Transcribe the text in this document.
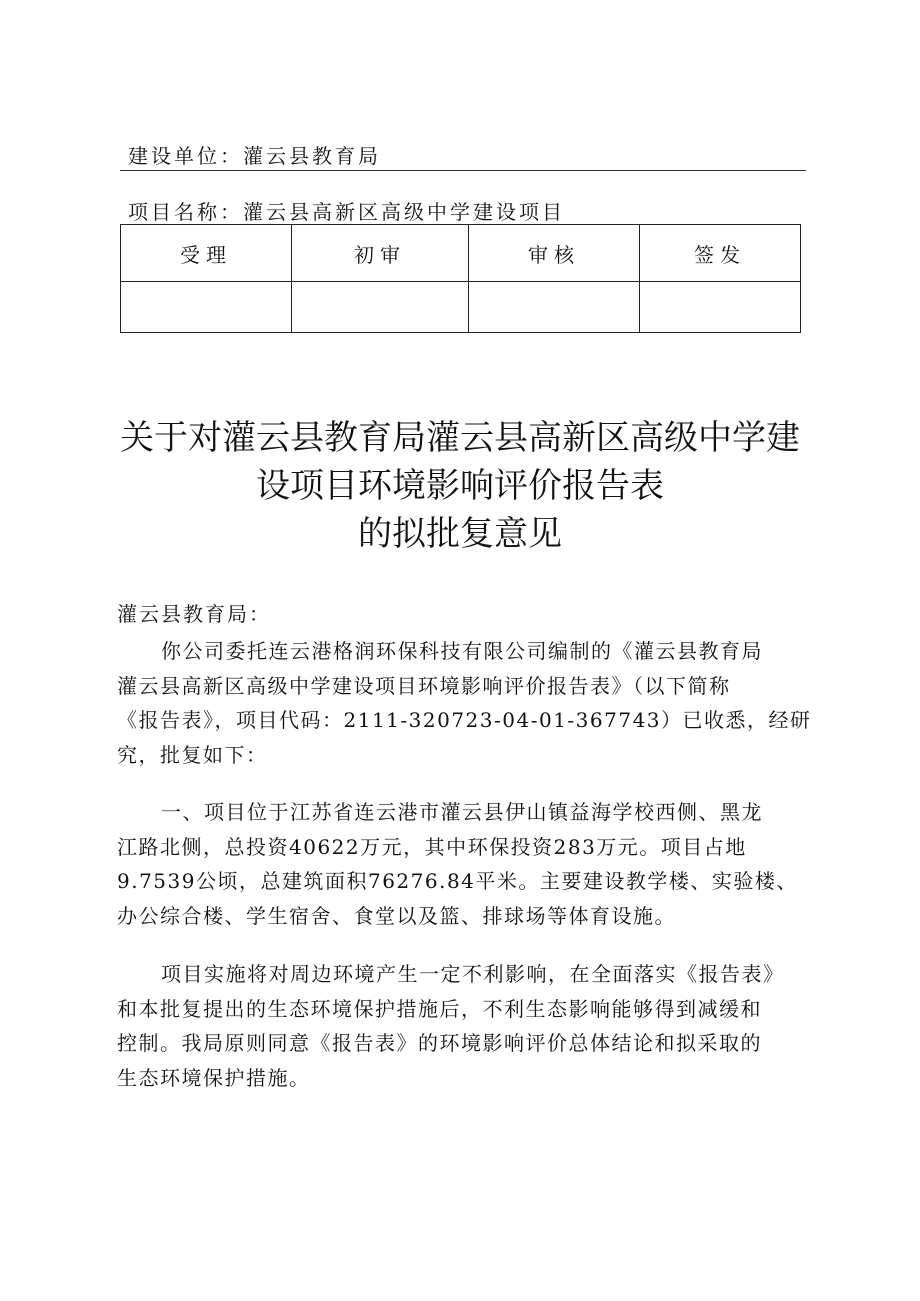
建设单位：灌云县教育局
项目名称：灌云县高新区高级中学建设项目
受理	初审	审核	签发

关于对灌云县教育局灌云县高新区高级中学建
设项目环境影响评价报告表
的拟批复意见
灌云县教育局：
你公司委托连云港格润环保科技有限公司编制的《灌云县教育局
灌云县高新区高级中学建设项目环境影响评价报告表》（以下简称
《报告表》，项目代码：2111-320723-04-01-367743）已收悉，经研
究，批复如下：
一、项目位于江苏省连云港市灌云县伊山镇益海学校西侧、黑龙
江路北侧，总投资40622万元，其中环保投资283万元。项目占地
9.7539公顷，总建筑面积76276.84平米。主要建设教学楼、实验楼、
办公综合楼、学生宿舍、食堂以及篮、排球场等体育设施。
项目实施将对周边环境产生一定不利影响，在全面落实《报告表》
和本批复提出的生态环境保护措施后，不利生态影响能够得到减缓和
控制。我局原则同意《报告表》的环境影响评价总体结论和拟采取的
生态环境保护措施。
